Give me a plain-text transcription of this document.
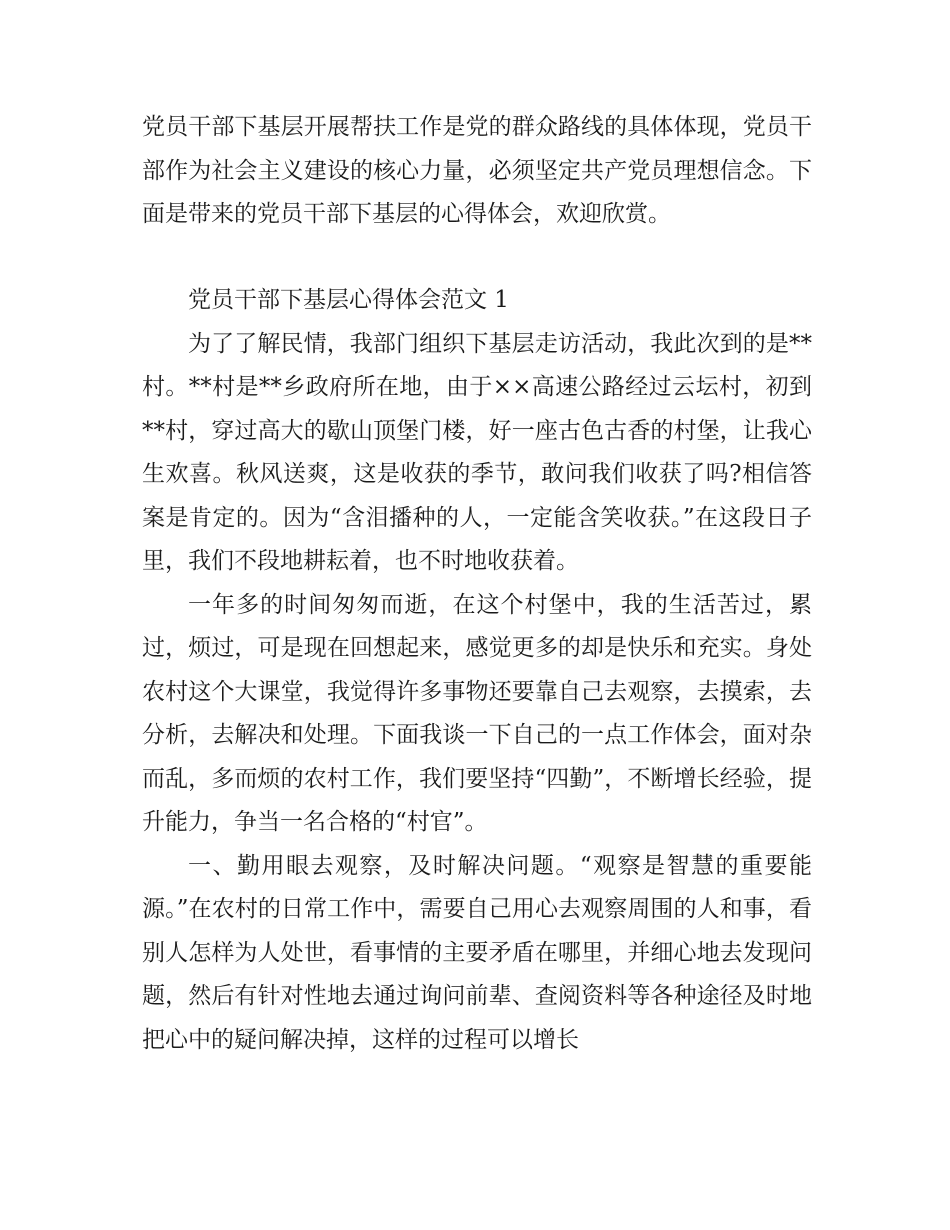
党员干部下基层开展帮扶工作是党的群众路线的具体体现，党员干部作为社会主义建设的核心力量，必须坚定共产党员理想信念。下面是带来的党员干部下基层的心得体会，欢迎欣赏。

党员干部下基层心得体会范文 1

为了了解民情，我部门组织下基层走访活动，我此次到的是**村。**村是**乡政府所在地，由于××高速公路经过云坛村，初到**村，穿过高大的歇山顶堡门楼，好一座古色古香的村堡，让我心生欢喜。秋风送爽，这是收获的季节，敢问我们收获了吗?相信答案是肯定的。因为“含泪播种的人，一定能含笑收获。”在这段日子里，我们不段地耕耘着，也不时地收获着。

一年多的时间匆匆而逝，在这个村堡中，我的生活苦过，累过，烦过，可是现在回想起来，感觉更多的却是快乐和充实。身处农村这个大课堂，我觉得许多事物还要靠自己去观察，去摸索，去分析，去解决和处理。下面我谈一下自己的一点工作体会，面对杂而乱，多而烦的农村工作，我们要坚持“四勤”，不断增长经验，提升能力，争当一名合格的“村官”。

一、勤用眼去观察，及时解决问题。“观察是智慧的重要能源。”在农村的日常工作中，需要自己用心去观察周围的人和事，看别人怎样为人处世，看事情的主要矛盾在哪里，并细心地去发现问题，然后有针对性地去通过询问前辈、查阅资料等各种途径及时地把心中的疑问解决掉，这样的过程可以增长
